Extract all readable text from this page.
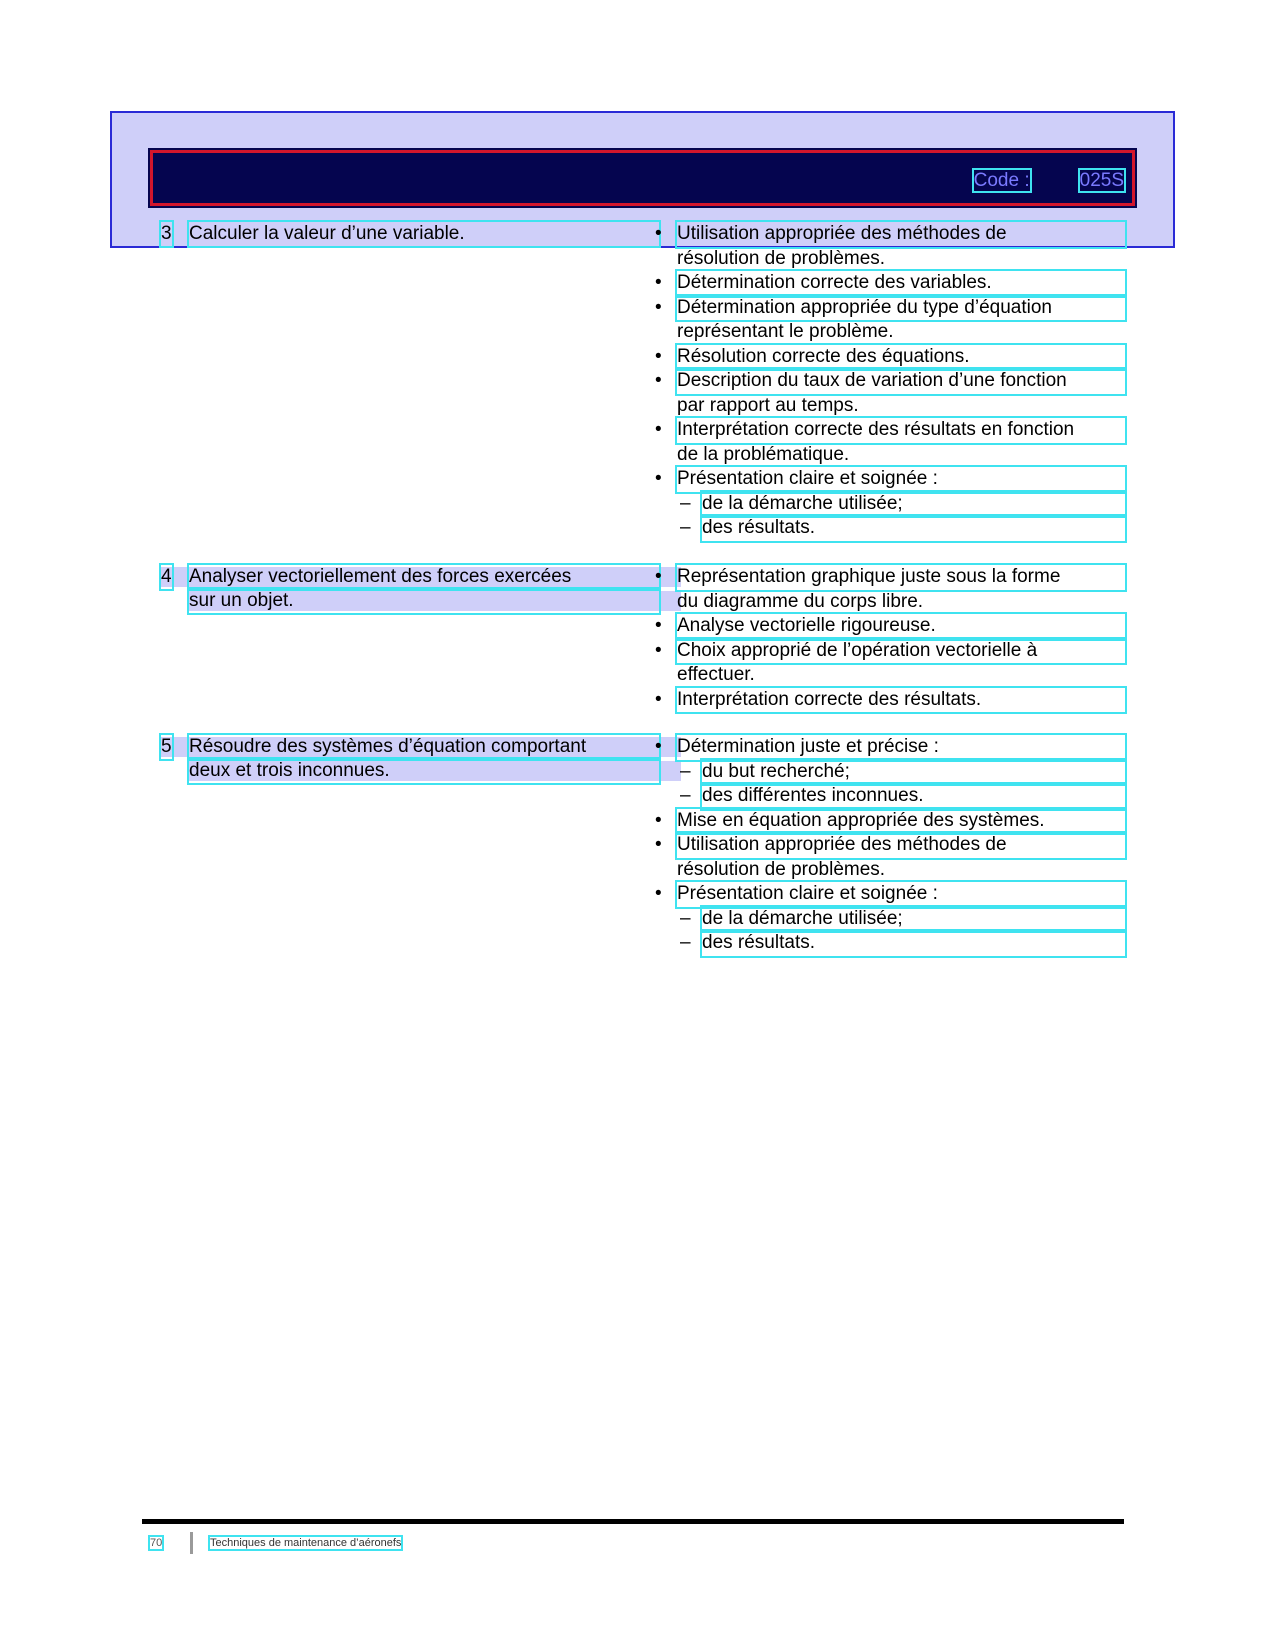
Code :	025S
3 Calculer la valeur d’une variable.
•	Utilisation appropriée des méthodes de
résolution de problèmes.
• Détermination correcte des variables.
• Détermination appropriée du type d’équation
représentant le problème.
• Résolution correcte des équations.
• Description du taux de variation d’une fonction
par rapport au temps.
• Interprétation correcte des résultats en fonction
de la problématique.
• Présentation claire et soignée :
– de la démarche utilisée;
– des résultats.
4 Analyser vectoriellement des forces exercées
sur un objet.
• Représentation graphique juste sous la forme
du diagramme du corps libre.
• Analyse vectorielle rigoureuse.
• Choix approprié de l’opération vectorielle à
effectuer.
• Interprétation correcte des résultats.
5 Résoudre des systèmes d’équation comportant
deux et trois inconnues.
• Détermination juste et précise :
– du but recherché;
– des différentes inconnues.
• Mise en équation appropriée des systèmes.
• Utilisation appropriée des méthodes de
résolution de problèmes.
• Présentation claire et soignée :
– de la démarche utilisée;
– des résultats.
70	Techniques de maintenance d’aéronefs
